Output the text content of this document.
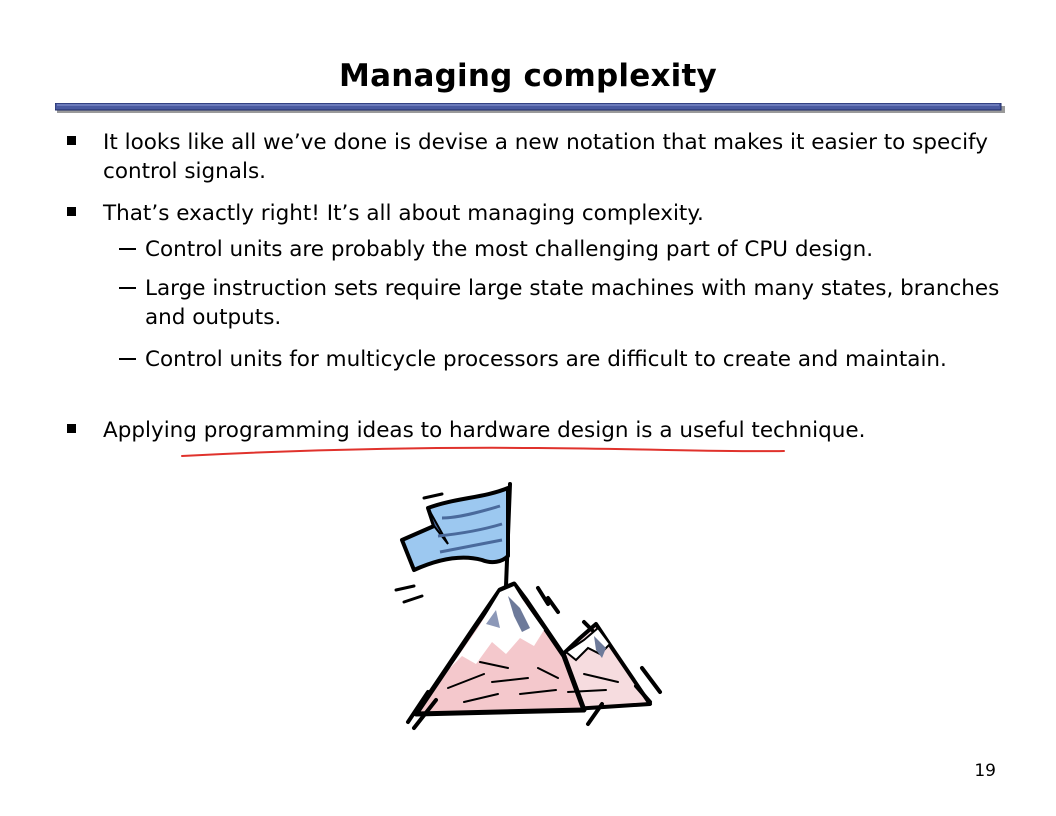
Managing complexity
It looks like all we’ve done is devise a new notation that makes it easier to specify control signals.
That’s exactly right! It’s all about managing complexity.
Control units are probably the most challenging part of CPU design.
Large instruction sets require large state machines with many states, branches and outputs.
Control units for multicycle processors are difficult to create and maintain.
Applying programming ideas to hardware design is a useful technique.
19
